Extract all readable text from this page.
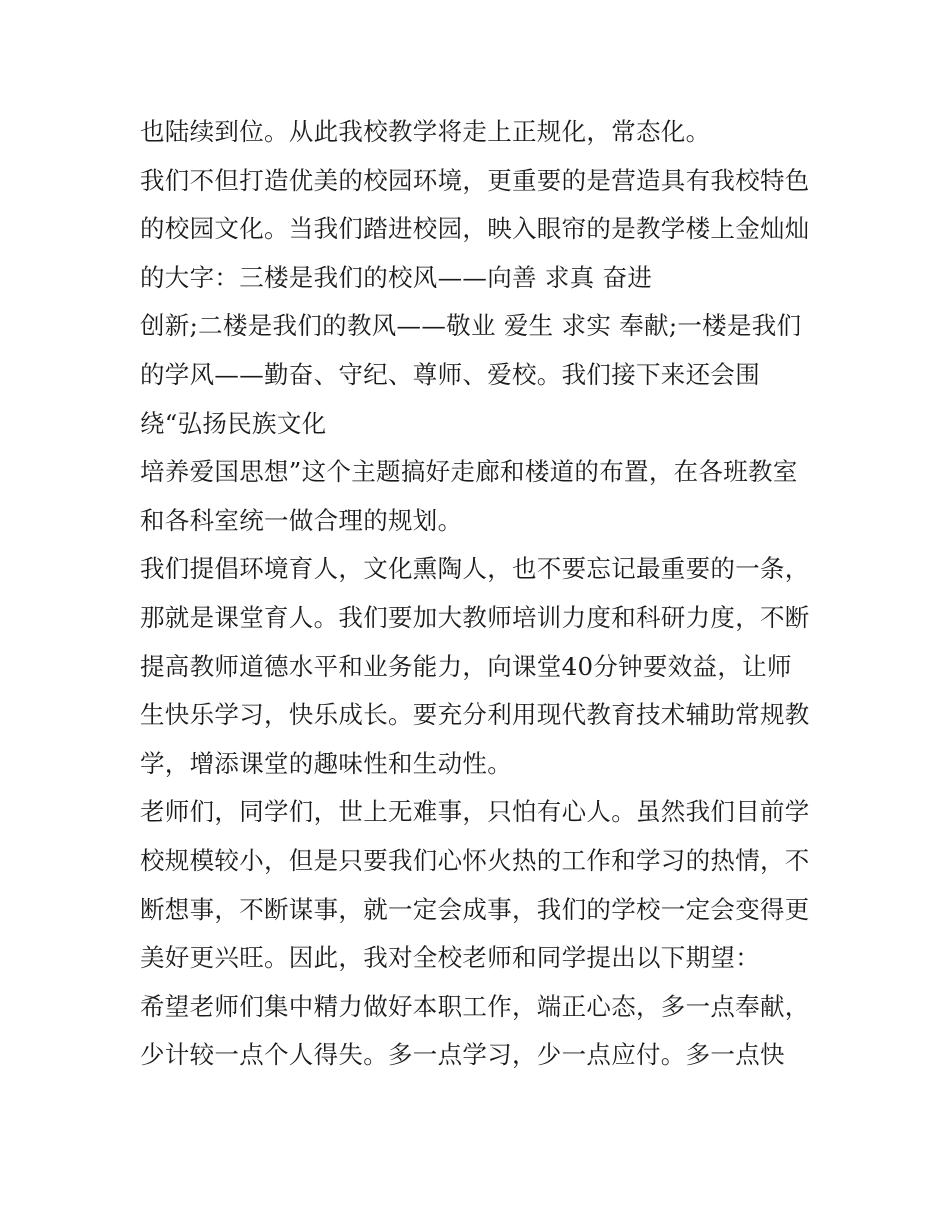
也陆续到位。从此我校教学将走上正规化，常态化。
我们不但打造优美的校园环境，更重要的是营造具有我校特色
的校园文化。当我们踏进校园，映入眼帘的是教学楼上金灿灿
的大字：三楼是我们的校风——向善 求真 奋进
创新;二楼是我们的教风——敬业 爱生 求实 奉献;一楼是我们
的学风——勤奋、守纪、尊师、爱校。我们接下来还会围
绕“弘扬民族文化
培养爱国思想”这个主题搞好走廊和楼道的布置，在各班教室
和各科室统一做合理的规划。
我们提倡环境育人，文化熏陶人，也不要忘记最重要的一条，
那就是课堂育人。我们要加大教师培训力度和科研力度，不断
提高教师道德水平和业务能力，向课堂40分钟要效益，让师
生快乐学习，快乐成长。要充分利用现代教育技术辅助常规教
学，增添课堂的趣味性和生动性。
老师们，同学们，世上无难事，只怕有心人。虽然我们目前学
校规模较小，但是只要我们心怀火热的工作和学习的热情，不
断想事，不断谋事，就一定会成事，我们的学校一定会变得更
美好更兴旺。因此，我对全校老师和同学提出以下期望：
希望老师们集中精力做好本职工作，端正心态，多一点奉献，
少计较一点个人得失。多一点学习，少一点应付。多一点快
